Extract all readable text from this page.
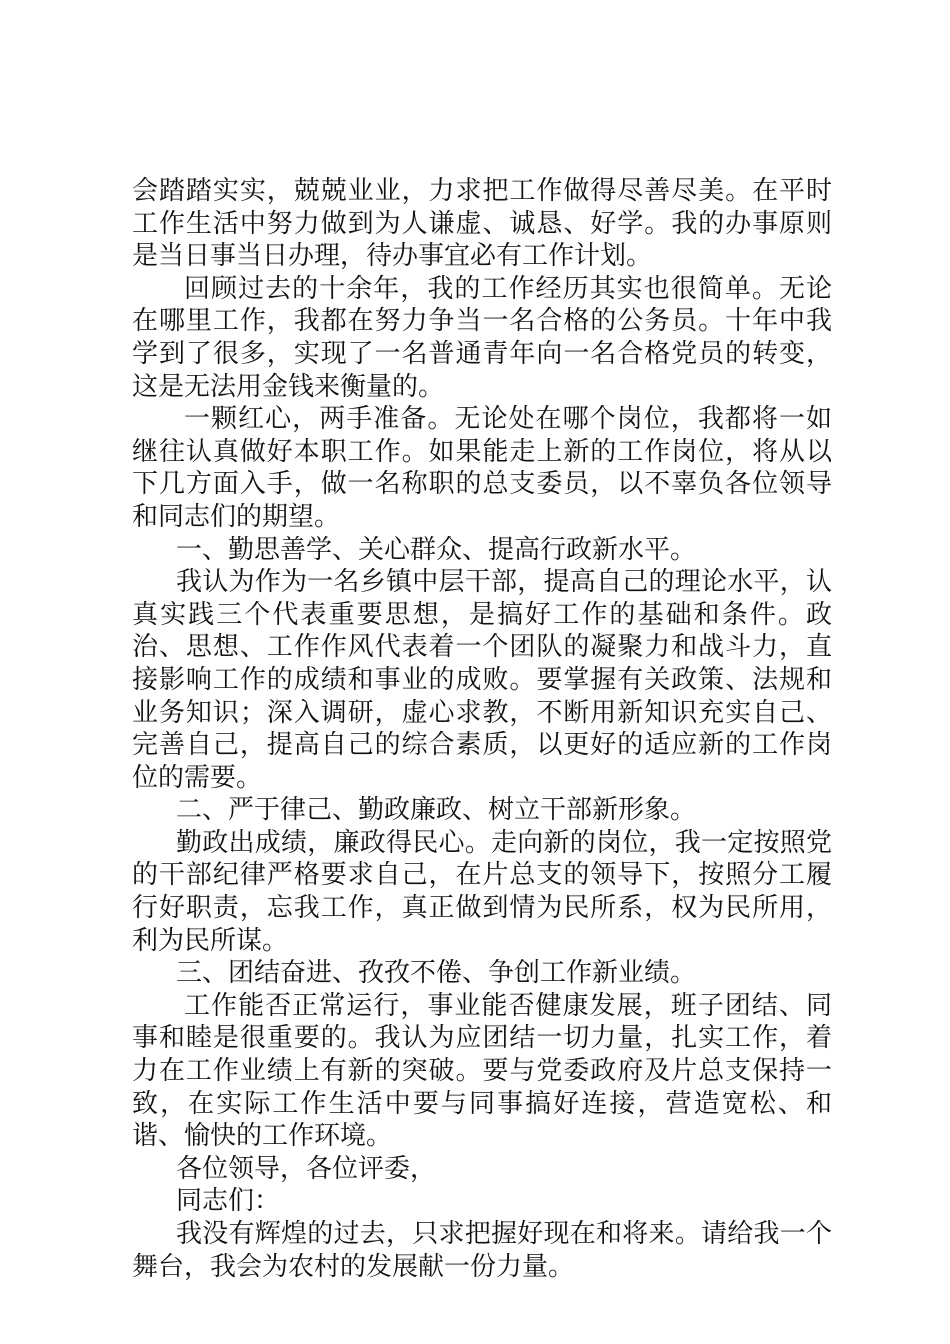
会踏踏实实，兢兢业业，力求把工作做得尽善尽美。在平时工作生活中努力做到为人谦虚、诚恳、好学。我的办事原则是当日事当日办理，待办事宜必有工作计划。

回顾过去的十余年，我的工作经历其实也很简单。无论在哪里工作，我都在努力争当一名合格的公务员。十年中我学到了很多，实现了一名普通青年向一名合格党员的转变，这是无法用金钱来衡量的。

一颗红心，两手准备。无论处在哪个岗位，我都将一如继往认真做好本职工作。如果能走上新的工作岗位，将从以下几方面入手，做一名称职的总支委员，以不辜负各位领导和同志们的期望。

一、勤思善学、关心群众、提高行政新水平。

我认为作为一名乡镇中层干部，提高自己的理论水平，认真实践三个代表重要思想，是搞好工作的基础和条件。政治、思想、工作作风代表着一个团队的凝聚力和战斗力，直接影响工作的成绩和事业的成败。要掌握有关政策、法规和业务知识；深入调研，虚心求教，不断用新知识充实自己、完善自己，提高自己的综合素质，以更好的适应新的工作岗位的需要。

二、严于律己、勤政廉政、树立干部新形象。

勤政出成绩，廉政得民心。走向新的岗位，我一定按照党的干部纪律严格要求自己，在片总支的领导下，按照分工履行好职责，忘我工作，真正做到情为民所系，权为民所用，利为民所谋。

三、团结奋进、孜孜不倦、争创工作新业绩。

工作能否正常运行，事业能否健康发展，班子团结、同事和睦是很重要的。我认为应团结一切力量，扎实工作，着力在工作业绩上有新的突破。要与党委政府及片总支保持一致，在实际工作生活中要与同事搞好连接，营造宽松、和谐、愉快的工作环境。

各位领导，各位评委，

同志们：

我没有辉煌的过去，只求把握好现在和将来。请给我一个舞台，我会为农村的发展献一份力量。
